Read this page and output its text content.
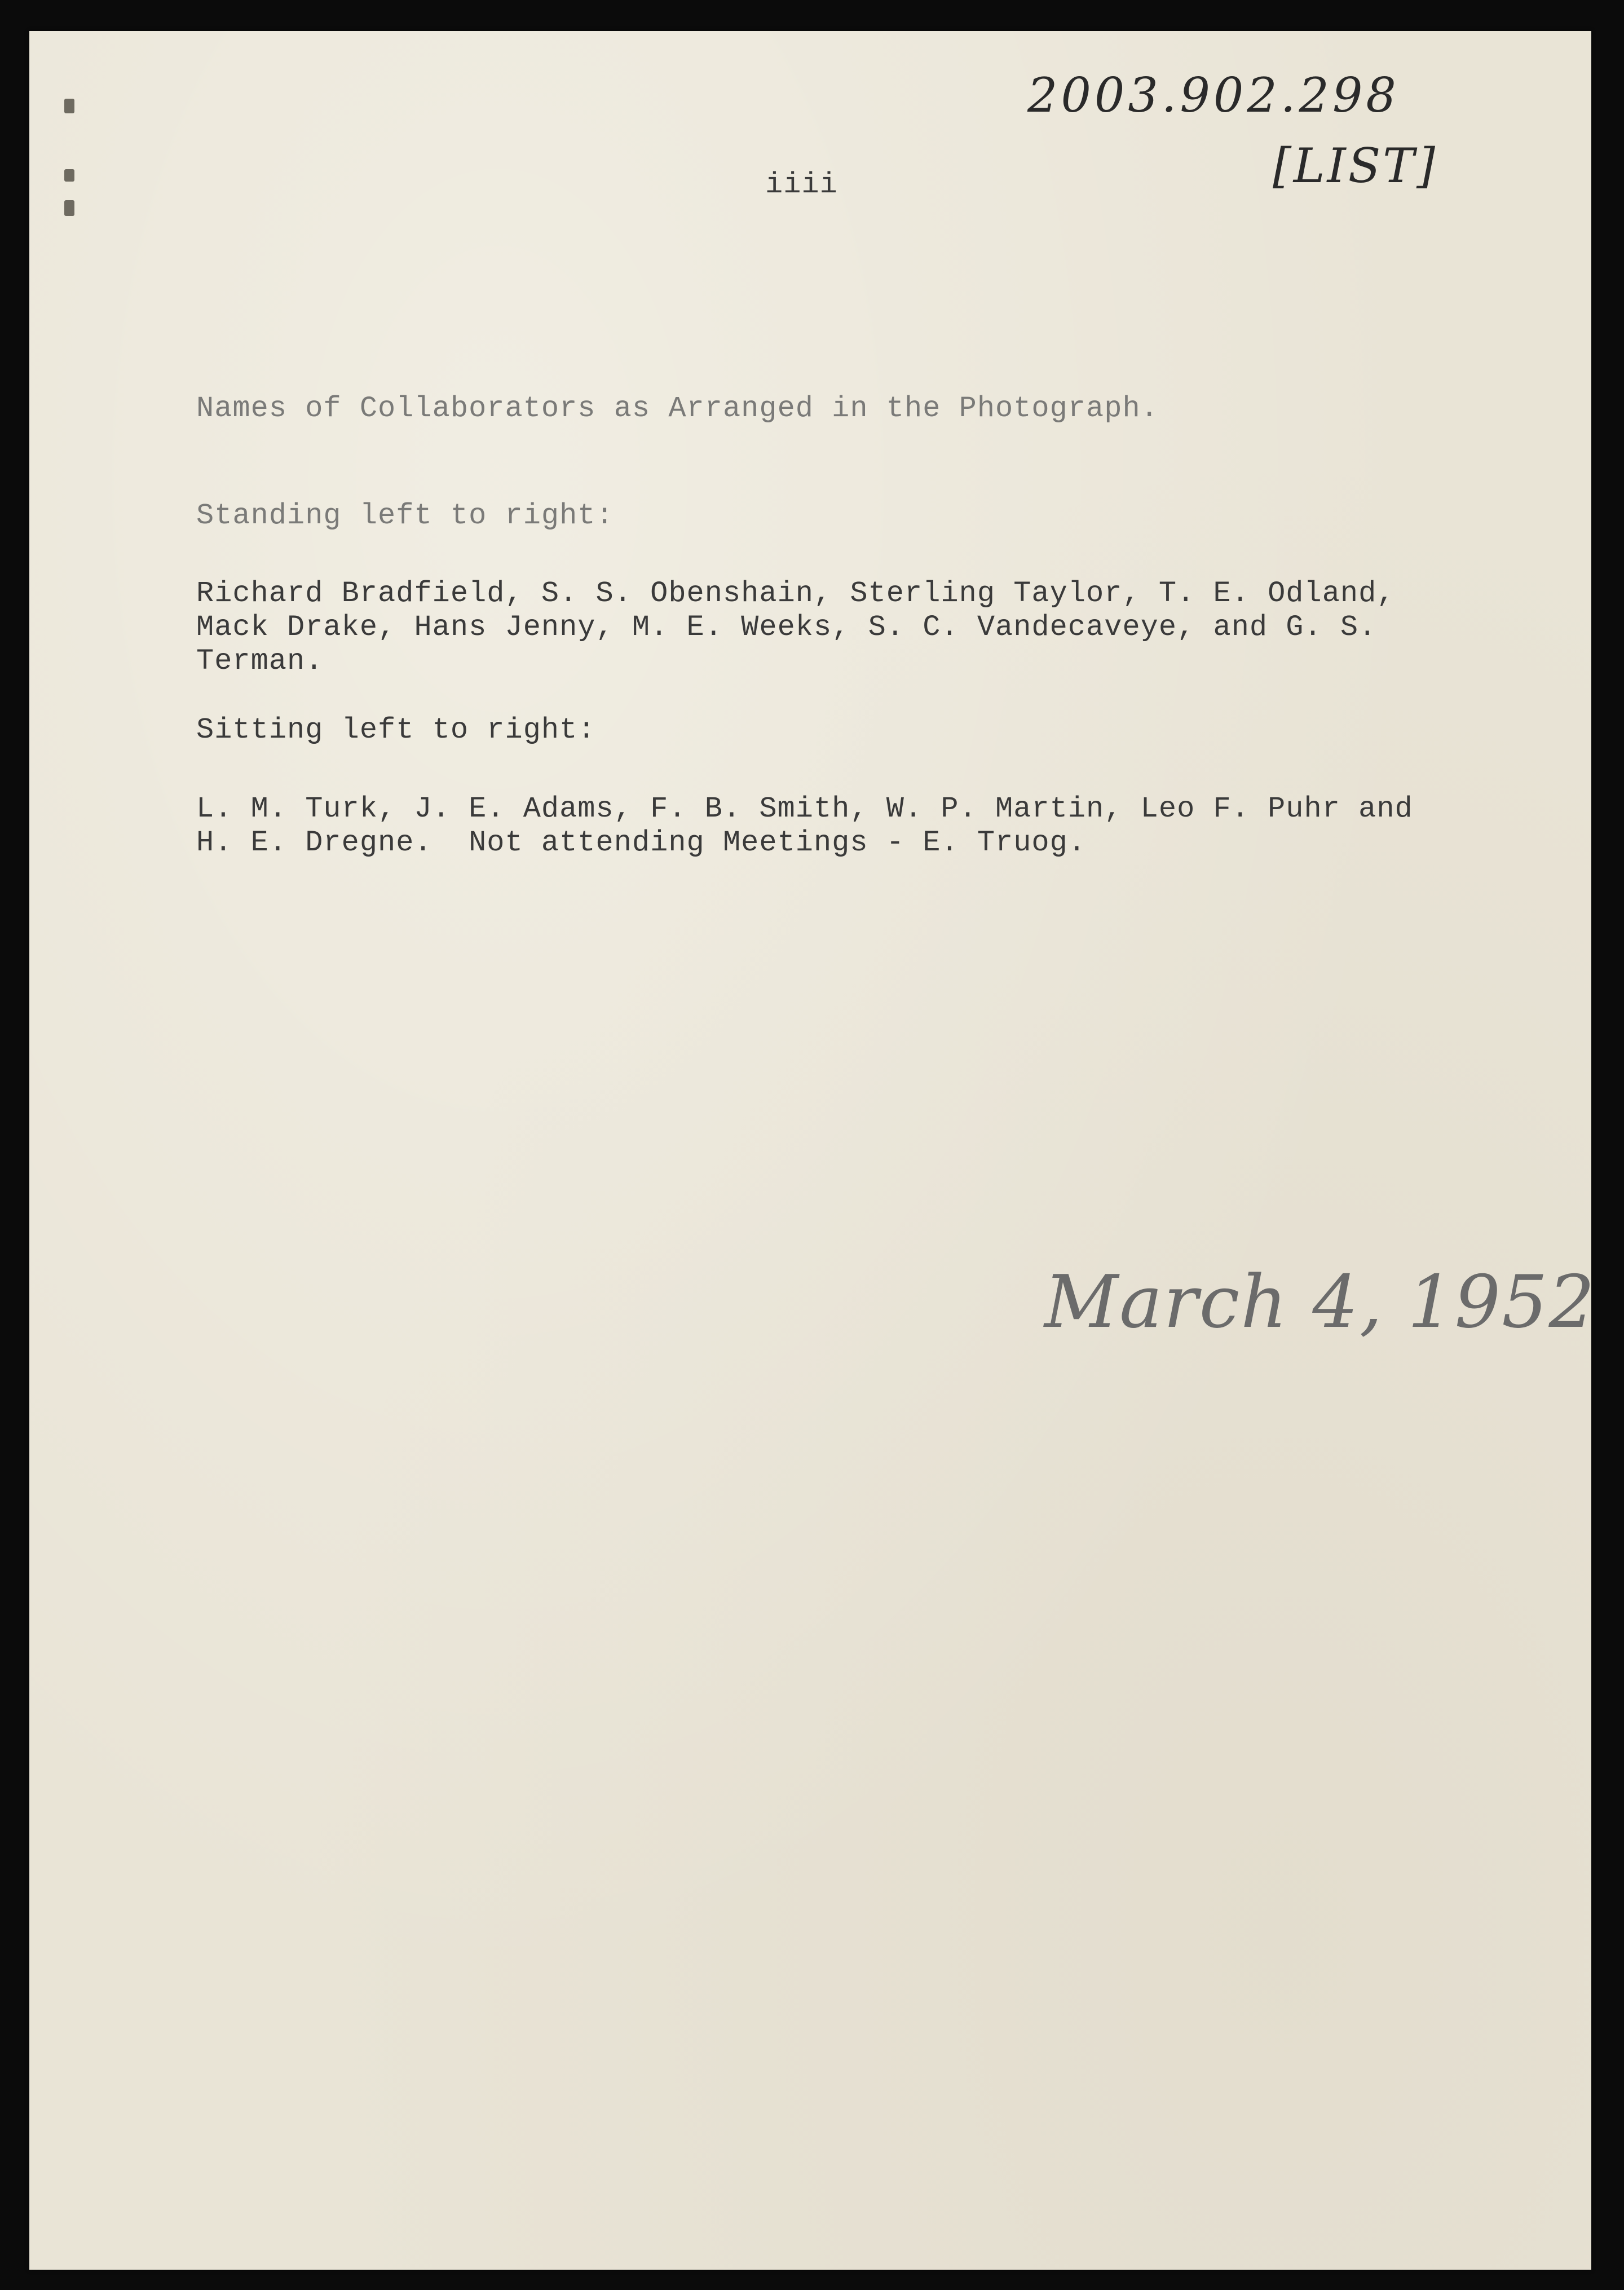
2003.902.298
[LIST]
iiii
Names of Collaborators as Arranged in the Photograph.
Standing left to right:
Richard Bradfield, S. S. Obenshain, Sterling Taylor, T. E. Odland,
Mack Drake, Hans Jenny, M. E. Weeks, S. C. Vandecaveye, and G. S.
Terman.
Sitting left to right:
L. M. Turk, J. E. Adams, F. B. Smith, W. P. Martin, Leo F. Puhr and
H. E. Dregne.  Not attending Meetings - E. Truog.
March 4, 1952
